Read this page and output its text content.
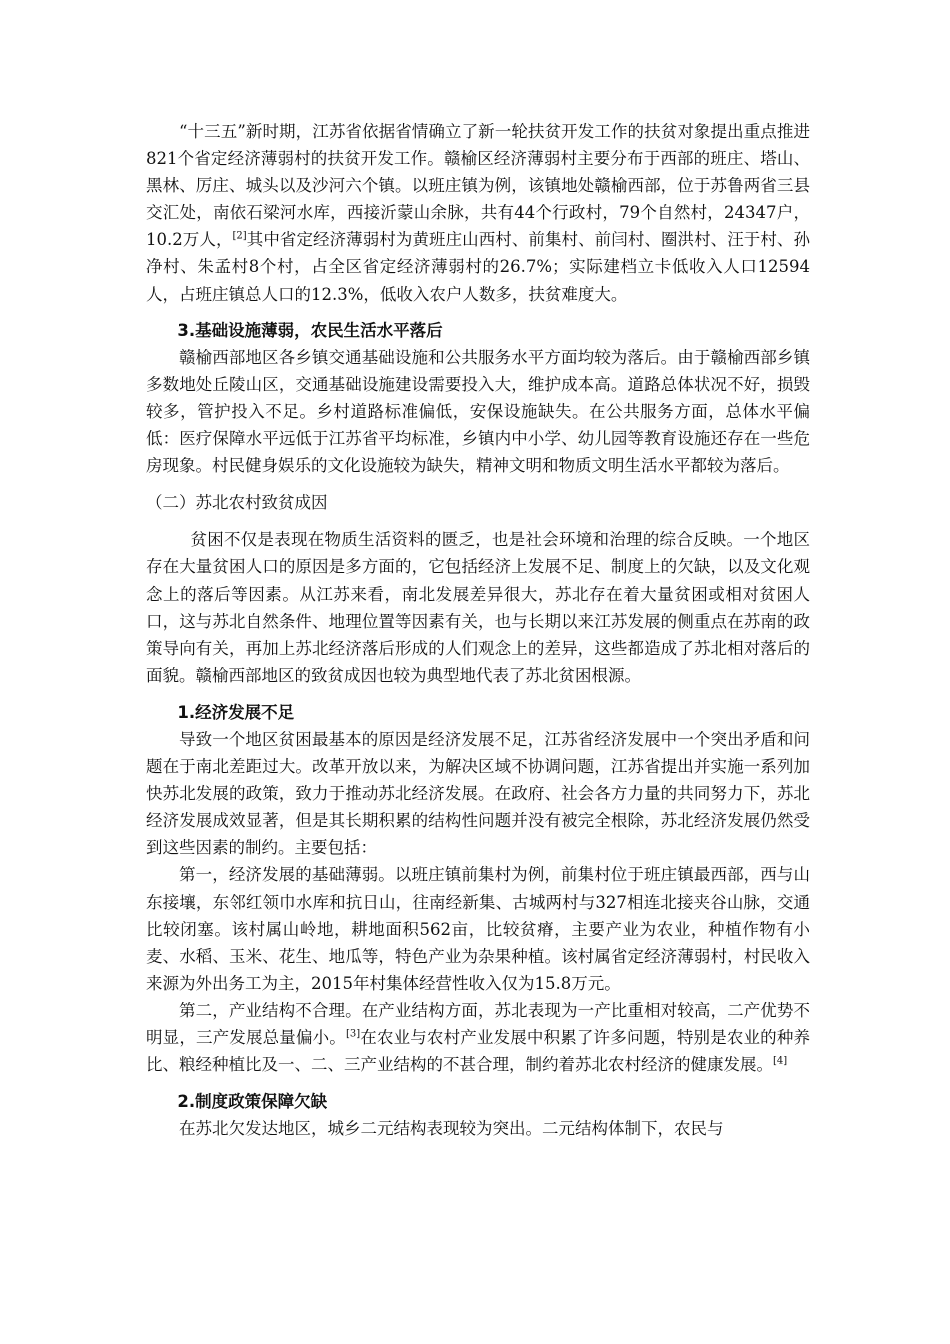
“十三五”新时期，江苏省依据省情确立了新一轮扶贫开发工作的扶贫对象提出重点推进821个省定经济薄弱村的扶贫开发工作。赣榆区经济薄弱村主要分布于西部的班庄、塔山、黑林、厉庄、城头以及沙河六个镇。以班庄镇为例，该镇地处赣榆西部，位于苏鲁两省三县交汇处，南依石梁河水库，西接沂蒙山余脉，共有44个行政村，79个自然村，24347户，10.2万人，[2]其中省定经济薄弱村为黄班庄山西村、前集村、前闫村、圈洪村、汪于村、孙净村、朱孟村8个村，占全区省定经济薄弱村的26.7%；实际建档立卡低收入人口12594人，占班庄镇总人口的12.3%，低收入农户人数多，扶贫难度大。

3.基础设施薄弱，农民生活水平落后

赣榆西部地区各乡镇交通基础设施和公共服务水平方面均较为落后。由于赣榆西部乡镇多数地处丘陵山区，交通基础设施建设需要投入大，维护成本高。道路总体状况不好，损毁较多，管护投入不足。乡村道路标准偏低，安保设施缺失。在公共服务方面，总体水平偏低：医疗保障水平远低于江苏省平均标准，乡镇内中小学、幼儿园等教育设施还存在一些危房现象。村民健身娱乐的文化设施较为缺失，精神文明和物质文明生活水平都较为落后。

（二）苏北农村致贫成因

贫困不仅是表现在物质生活资料的匮乏，也是社会环境和治理的综合反映。一个地区存在大量贫困人口的原因是多方面的，它包括经济上发展不足、制度上的欠缺，以及文化观念上的落后等因素。从江苏来看，南北发展差异很大，苏北存在着大量贫困或相对贫困人口，这与苏北自然条件、地理位置等因素有关，也与长期以来江苏发展的侧重点在苏南的政策导向有关，再加上苏北经济落后形成的人们观念上的差异，这些都造成了苏北相对落后的面貌。赣榆西部地区的致贫成因也较为典型地代表了苏北贫困根源。

1.经济发展不足

导致一个地区贫困最基本的原因是经济发展不足，江苏省经济发展中一个突出矛盾和问题在于南北差距过大。改革开放以来，为解决区域不协调问题，江苏省提出并实施一系列加快苏北发展的政策，致力于推动苏北经济发展。在政府、社会各方力量的共同努力下，苏北经济发展成效显著，但是其长期积累的结构性问题并没有被完全根除，苏北经济发展仍然受到这些因素的制约。主要包括：

第一，经济发展的基础薄弱。以班庄镇前集村为例，前集村位于班庄镇最西部，西与山东接壤，东邻红领巾水库和抗日山，往南经新集、古城两村与327相连北接夹谷山脉，交通比较闭塞。该村属山岭地，耕地面积562亩，比较贫瘠，主要产业为农业，种植作物有小麦、水稻、玉米、花生、地瓜等，特色产业为杂果种植。该村属省定经济薄弱村，村民收入来源为外出务工为主，2015年村集体经营性收入仅为15.8万元。

第二，产业结构不合理。在产业结构方面，苏北表现为一产比重相对较高，二产优势不明显，三产发展总量偏小。[3]在农业与农村产业发展中积累了许多问题，特别是农业的种养比、粮经种植比及一、二、三产业结构的不甚合理，制约着苏北农村经济的健康发展。[4]

2.制度政策保障欠缺

在苏北欠发达地区，城乡二元结构表现较为突出。二元结构体制下，农民与
